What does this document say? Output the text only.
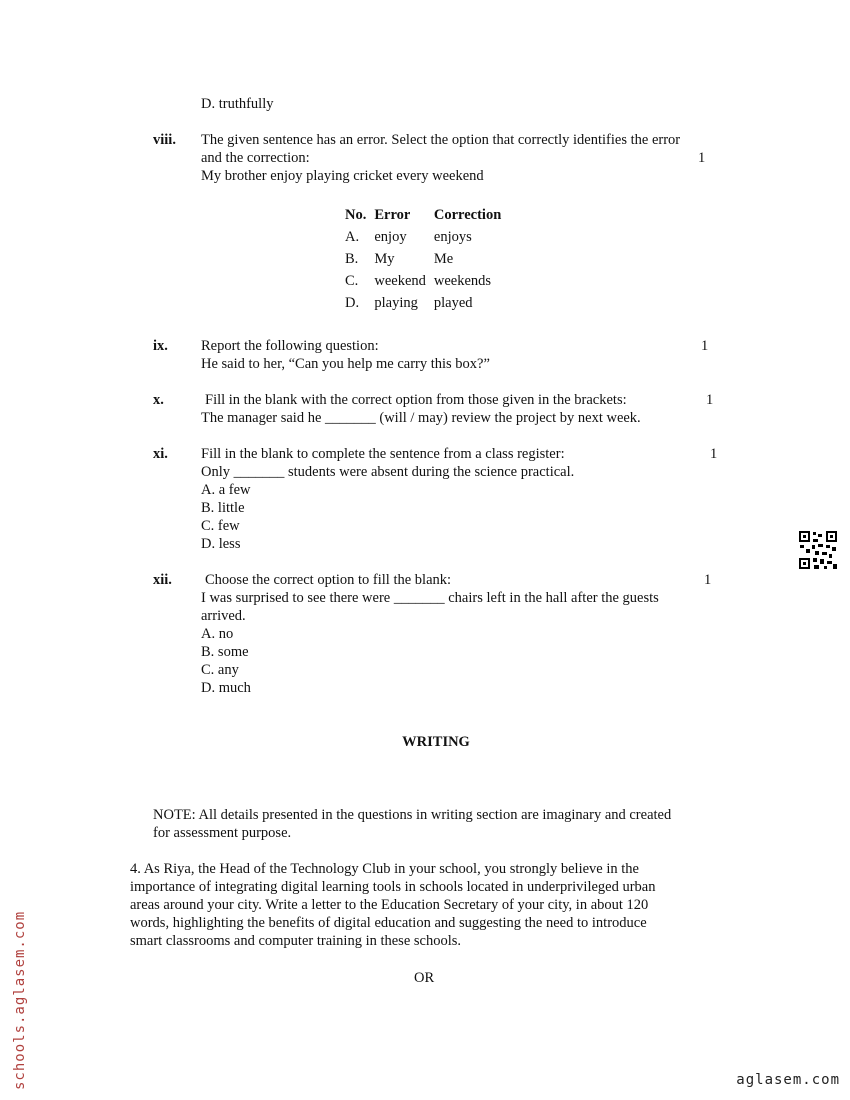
D. truthfully
viii. The given sentence has an error. Select the option that correctly identifies the error
and the correction:	1
My brother enjoy playing cricket every weekend
No.	Error	Correction
A.	enjoy	enjoys
B.	My	Me
C.	weekend	weekends
D.	playing	played
ix. Report the following question:	1
He said to her, “Can you help me carry this box?”
x.	Fill in the blank with the correct option from those given in the brackets:	1
The manager said he _______ (will / may) review the project by next week.
xi. Fill in the blank to complete the sentence from a class register:	1
Only _______ students were absent during the science practical.
A. a few
B. little
C. few
D. less
xii. Choose the correct option to fill the blank:	1
I was surprised to see there were _______ chairs left in the hall after the guests
arrived.
A. no
B. some
C. any
D. much
WRITING
NOTE: All details presented in the questions in writing section are imaginary and created
for assessment purpose.
4. As Riya, the Head of the Technology Club in your school, you strongly believe in the
importance of integrating digital learning tools in schools located in underprivileged urban
areas around your city. Write a letter to the Education Secretary of your city, in about 120
words, highlighting the benefits of digital education and suggesting the need to introduce
smart classrooms and computer training in these schools.
OR
schools.aglasem.com	aglasem.com
